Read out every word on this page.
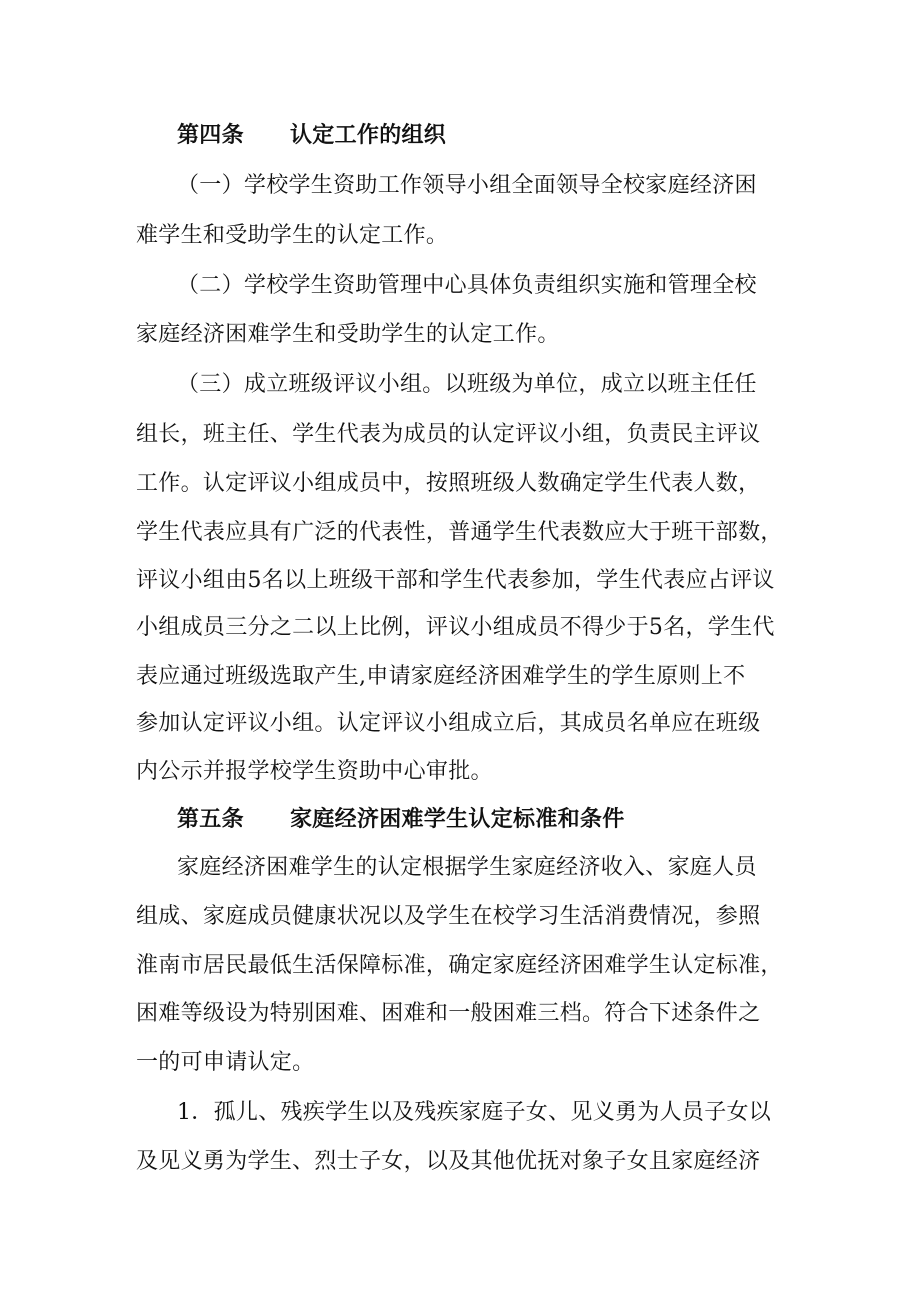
第四条 认定工作的组织
（一）学校学生资助工作领导小组全面领导全校家庭经济困
难学生和受助学生的认定工作。
（二）学校学生资助管理中心具体负责组织实施和管理全校
家庭经济困难学生和受助学生的认定工作。
（三）成立班级评议小组。以班级为单位，成立以班主任任
组长，班主任、学生代表为成员的认定评议小组，负责民主评议
工作。认定评议小组成员中，按照班级人数确定学生代表人数，
学生代表应具有广泛的代表性，普通学生代表数应大于班干部数，
评议小组由5名以上班级干部和学生代表参加，学生代表应占评议
小组成员三分之二以上比例，评议小组成员不得少于5名，学生代
表应通过班级选取产生,申请家庭经济困难学生的学生原则上不
参加认定评议小组。认定评议小组成立后，其成员名单应在班级
内公示并报学校学生资助中心审批。
第五条 家庭经济困难学生认定标准和条件
家庭经济困难学生的认定根据学生家庭经济收入、家庭人员
组成、家庭成员健康状况以及学生在校学习生活消费情况，参照
淮南市居民最低生活保障标准，确定家庭经济困难学生认定标准，
困难等级设为特别困难、困难和一般困难三档。符合下述条件之
一的可申请认定。
1．孤儿、残疾学生以及残疾家庭子女、见义勇为人员子女以
及见义勇为学生、烈士子女，以及其他优抚对象子女且家庭经济
